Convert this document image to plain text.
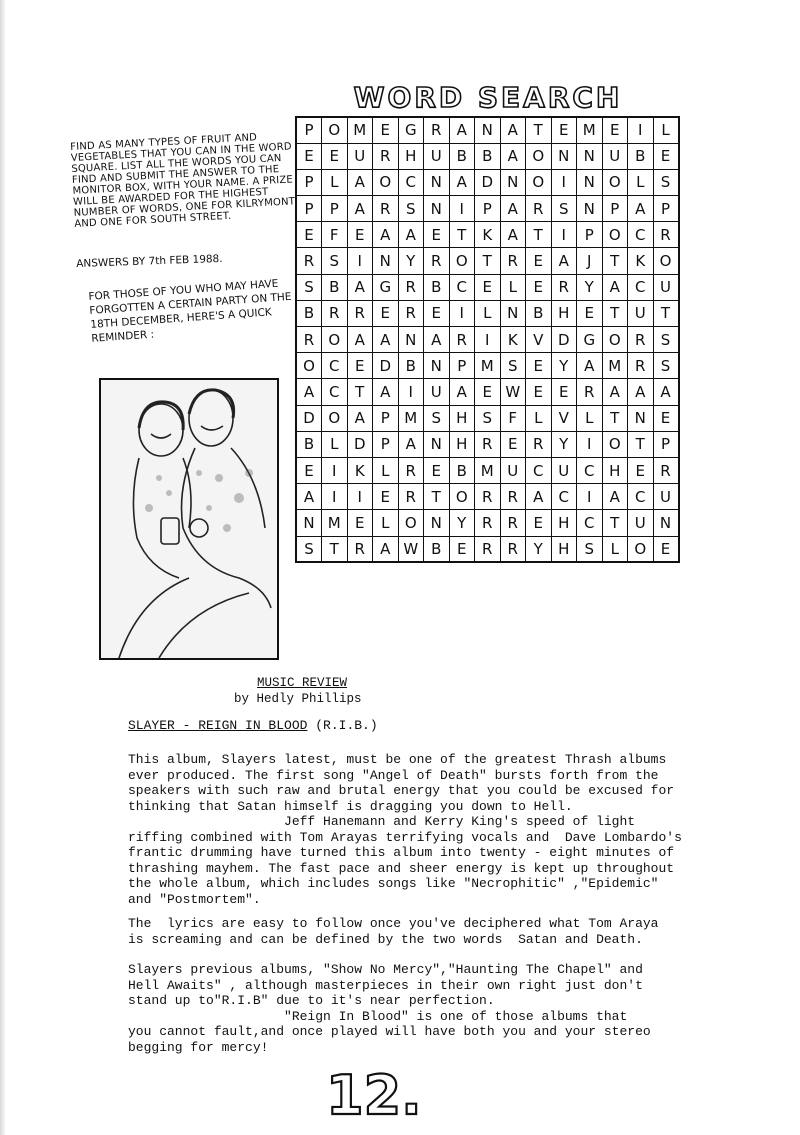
WORD SEARCH
FIND AS MANY TYPES OF FRUIT AND VEGETABLES THAT YOU CAN IN THE WORD SQUARE. LIST ALL THE WORDS YOU CAN FIND AND SUBMIT THE ANSWER TO THE MONITOR BOX, WITH YOUR NAME. A PRIZE WILL BE AWARDED FOR THE HIGHEST NUMBER OF WORDS, ONE FOR KILRYMONT AND ONE FOR SOUTH STREET.
ANSWERS BY 7th FEB 1988.
FOR THOSE OF YOU WHO MAY HAVE FORGOTTEN A CERTAIN PARTY ON THE 18TH DECEMBER, HERE'S A QUICK REMINDER :
P	O	M	E	G	R	A	N	A	T	E	M	E	I	L
E	E	U	R	H	U	B	B	A	O	N	N	U	B	E
P	L	A	O	C	N	A	D	N	O	I	N	O	L	S
P	P	A	R	S	N	I	P	A	R	S	N	P	A	P
E	F	E	A	A	E	T	K	A	T	I	P	O	C	R
R	S	I	N	Y	R	O	T	R	E	A	J	T	K	O
S	B	A	G	R	B	C	E	L	E	R	Y	A	C	U
B	R	R	E	R	E	I	L	N	B	H	E	T	U	T
R	O	A	A	N	A	R	I	K	V	D	G	O	R	S
O	C	E	D	B	N	P	M	S	E	Y	A	M	R	S
A	C	T	A	I	U	A	E	W	E	E	R	A	A	A
D	O	A	P	M	S	H	S	F	L	V	L	T	N	E
B	L	D	P	A	N	H	R	E	R	Y	I	O	T	P
E	I	K	L	R	E	B	M	U	C	U	C	H	E	R
A	I	I	E	R	T	O	R	R	A	C	I	A	C	U
N	M	E	L	O	N	Y	R	R	E	H	C	T	U	N
S	T	R	A	W	B	E	R	R	Y	H	S	L	O	E
MUSIC REVIEW
by Hedly Phillips
SLAYER - REIGN IN BLOOD (R.I.B.)
This album, Slayers latest, must be one of the greatest Thrash albums
ever produced. The first song "Angel of Death" bursts forth from the
speakers with such raw and brutal energy that you could be excused for
thinking that Satan himself is dragging you down to Hell.
Jeff Hanemann and Kerry King's speed of light
riffing combined with Tom Arayas terrifying vocals and  Dave Lombardo's
frantic drumming have turned this album into twenty - eight minutes of
thrashing mayhem. The fast pace and sheer energy is kept up throughout
the whole album, which includes songs like "Necrophitic" ,"Epidemic"
and "Postmortem".
The  lyrics are easy to follow once you've deciphered what Tom Araya
is screaming and can be defined by the two words  Satan and Death.
Slayers previous albums, "Show No Mercy","Haunting The Chapel" and
Hell Awaits" , although masterpieces in their own right just don't
stand up to"R.I.B" due to it's near perfection.
"Reign In Blood" is one of those albums that
you cannot fault,and once played will have both you and your stereo
begging for mercy!
12.
